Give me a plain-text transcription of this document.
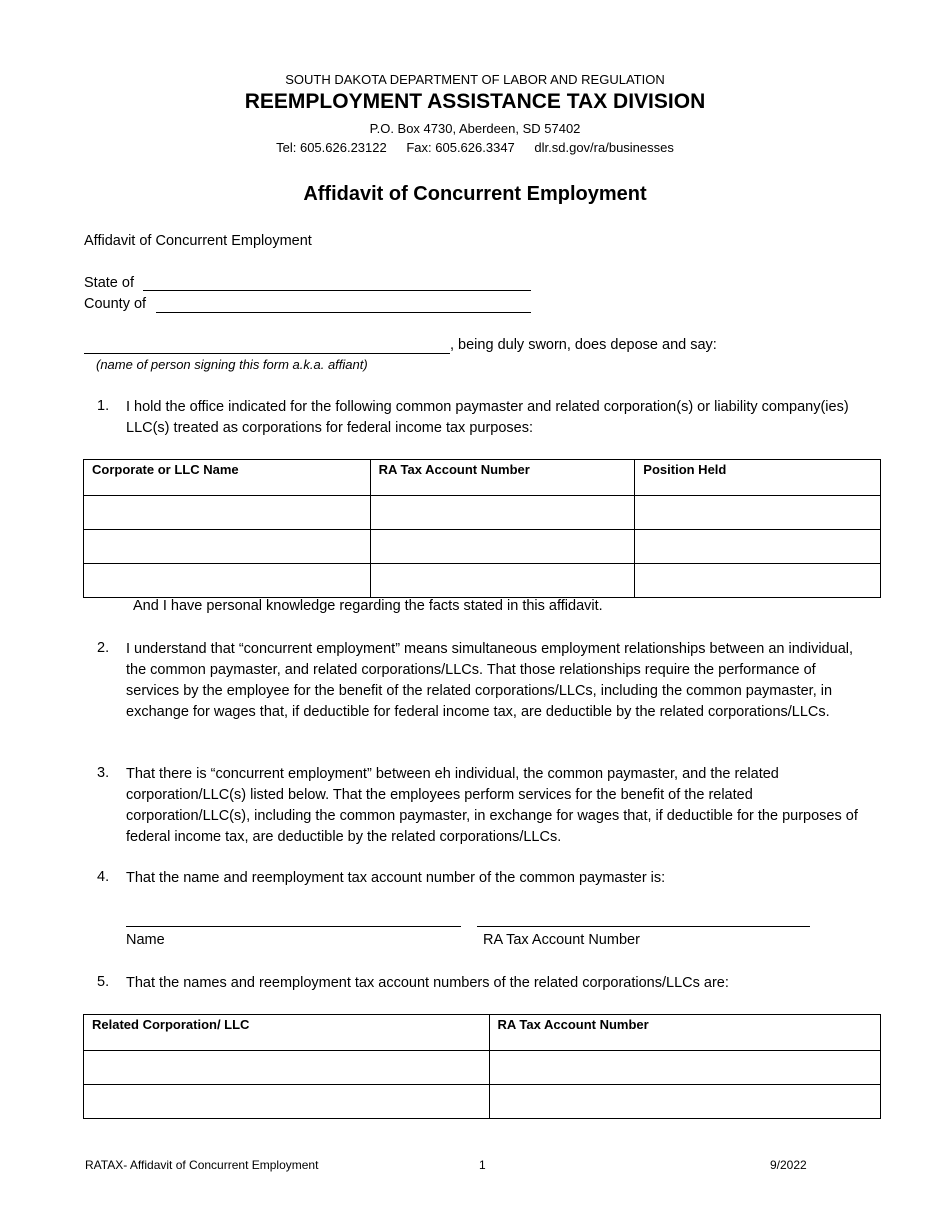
SOUTH DAKOTA DEPARTMENT OF LABOR AND REGULATION
REEMPLOYMENT ASSISTANCE TAX DIVISION
P.O. Box 4730, Aberdeen, SD 57402
Tel: 605.626.23122 Fax: 605.626.3347 dlr.sd.gov/ra/businesses
Affidavit of Concurrent Employment
Affidavit of Concurrent Employment
State of
County of
, being duly sworn, does depose and say:
(name of person signing this form a.k.a. affiant)
1. I hold the office indicated for the following common paymaster and related corporation(s) or liability company(ies) LLC(s) treated as corporations for federal income tax purposes:
Corporate or LLC Name	RA Tax Account Number	Position Held

And I have personal knowledge regarding the facts stated in this affidavit.
2. I understand that “concurrent employment” means simultaneous employment relationships between an individual, the common paymaster, and related corporations/LLCs. That those relationships require the performance of services by the employee for the benefit of the related corporations/LLCs, including the common paymaster, in exchange for wages that, if deductible for federal income tax, are deductible by the related corporations/LLCs.
3. That there is “concurrent employment” between eh individual, the common paymaster, and the related corporation/LLC(s) listed below. That the employees perform services for the benefit of the related corporation/LLC(s), including the common paymaster, in exchange for wages that, if deductible for the purposes of federal income tax, are deductible by the related corporations/LLCs.
4. That the name and reemployment tax account number of the common paymaster is:
Name	RA Tax Account Number
5. That the names and reemployment tax account numbers of the related corporations/LLCs are:
Related Corporation/ LLC	RA Tax Account Number

RATAX- Affidavit of Concurrent Employment	1	9/2022
